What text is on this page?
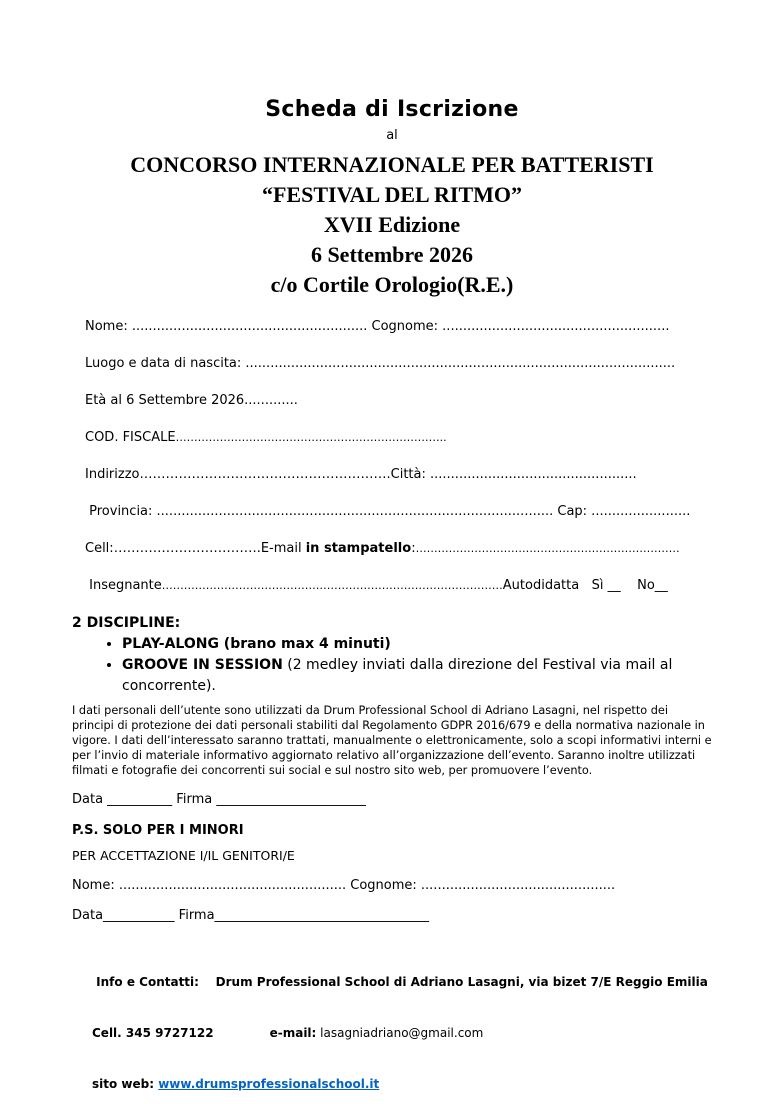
Scheda di Iscrizione
al
CONCORSO INTERNAZIONALE PER BATTERISTI
“FESTIVAL DEL RITMO”
XVII Edizione
6 Settembre 2026
c/o Cortile Orologio(R.E.)
Nome: ......................................................... Cognome: .......................................................
Luogo e data di nascita: ........................................................................................................
Età al 6 Settembre 2026.............
COD. FISCALE………………………………………………………………..
Indirizzo………………………………………………….Città: ..................................................
Provincia: ................................................................................................ Cap: ........................
Cell:…………………………….E-mail in stampatello:………………………………………………………………
Insegnante…………………………………………………………………………………Autodidatta   Sì __    No__
2 DISCIPLINE:
• PLAY-ALONG (brano max 4 minuti)
• GROOVE IN SESSION (2 medley inviati dalla direzione del Festival via mail al concorrente).
I dati personali dell’utente sono utilizzati da Drum Professional School di Adriano Lasagni, nel rispetto dei principi di protezione dei dati personali stabiliti dal Regolamento GDPR 2016/679 e della normativa nazionale in vigore. I dati dell’interessato saranno trattati, manualmente o elettronicamente, solo a scopi informativi interni e per l’invio di materiale informativo aggiornato relativo all’organizzazione dell’evento. Saranno inoltre utilizzati filmati e fotografie dei concorrenti sui social e sul nostro sito web, per promuovere l’evento.
Data __________ Firma _______________________
P.S. SOLO PER I MINORI
PER ACCETTAZIONE I/IL GENITORI/E
Nome: ....................................................... Cognome: ...............................................
Data___________ Firma_________________________________

Info e Contatti:    Drum Professional School di Adriano Lasagni, via bizet 7/E Reggio Emilia

Cell. 345 9727122	e-mail: lasagniadriano@gmail.com

sito web: www.drumsprofessionalschool.it
